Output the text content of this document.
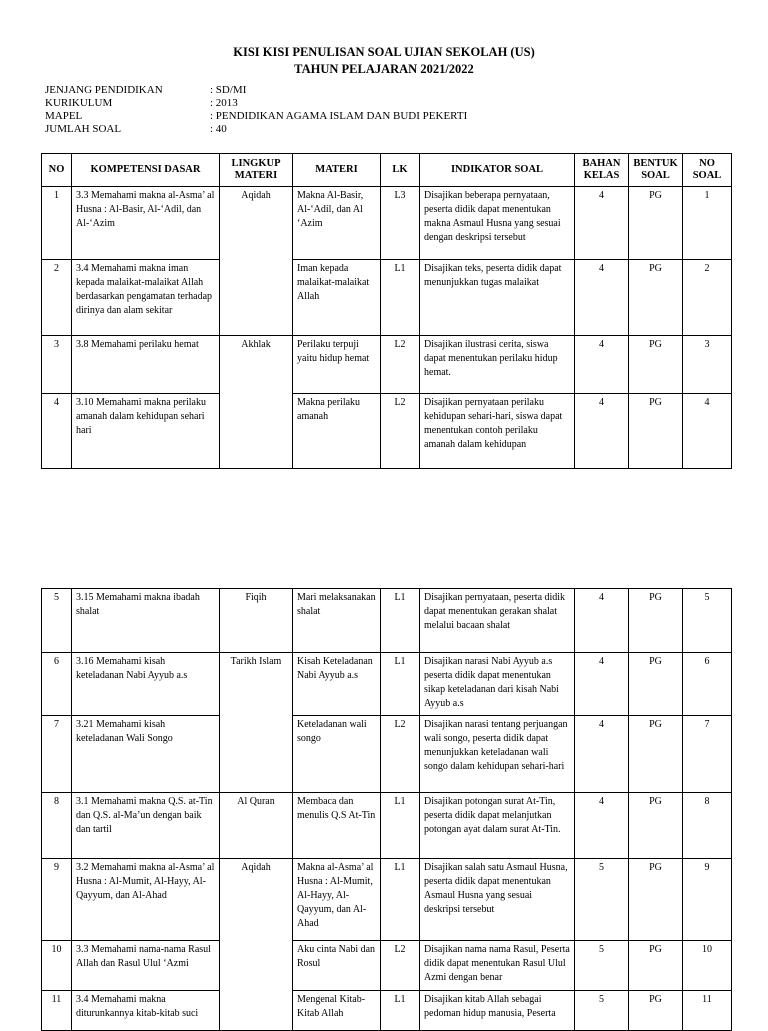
KISI KISI PENULISAN SOAL UJIAN SEKOLAH (US)
TAHUN PELAJARAN 2021/2022
JENJANG PENDIDIKAN	: SD/MI
KURIKULUM	: 2013
MAPEL	: PENDIDIKAN AGAMA ISLAM DAN BUDI PEKERTI
JUMLAH SOAL	: 40
NO	KOMPETENSI DASAR	LINGKUP MATERI	MATERI	LK	INDIKATOR SOAL	BAHAN KELAS	BENTUK SOAL	NO SOAL
1	3.3 Memahami makna al-Asma’ al Husna : Al-Basir, Al-‘Adil, dan Al-‘Azim	Aqidah	Makna Al-Basir, Al-‘Adil, dan Al ‘Azim	L3	Disajikan beberapa pernyataan, peserta didik dapat menentukan makna Asmaul Husna yang sesuai dengan deskripsi tersebut	4	PG	1
2	3.4 Memahami makna iman kepada malaikat-malaikat Allah berdasarkan pengamatan terhadap dirinya dan alam sekitar		Iman kepada malaikat-malaikat Allah	L1	Disajikan teks, peserta didik dapat menunjukkan tugas malaikat	4	PG	2
3	3.8 Memahami perilaku hemat	Akhlak	Perilaku terpuji yaitu hidup hemat	L2	Disajikan ilustrasi cerita, siswa dapat menentukan perilaku hidup hemat.	4	PG	3
4	3.10 Memahami makna perilaku amanah dalam kehidupan sehari hari		Makna perilaku amanah	L2	Disajikan pernyataan perilaku kehidupan sehari-hari, siswa dapat menentukan contoh perilaku amanah dalam kehidupan	4	PG	4
5	3.15 Memahami makna ibadah shalat	Fiqih	Mari melaksanakan shalat	L1	Disajikan pernyataan, peserta didik dapat menentukan gerakan shalat melalui bacaan shalat	4	PG	5
6	3.16 Memahami kisah keteladanan Nabi Ayyub a.s	Tarikh Islam	Kisah Keteladanan Nabi Ayyub a.s	L1	Disajikan narasi Nabi Ayyub a.s peserta didik dapat menentukan sikap keteladanan dari kisah Nabi Ayyub a.s	4	PG	6
7	3.21 Memahami kisah keteladanan Wali Songo		Keteladanan wali songo	L2	Disajikan narasi tentang perjuangan wali songo, peserta didik dapat menunjukkan keteladanan wali songo dalam kehidupan sehari-hari	4	PG	7
8	3.1 Memahami makna Q.S. at-Tin dan Q.S. al-Ma’un dengan baik dan tartil	Al Quran	Membaca dan menulis Q.S At-Tin	L1	Disajikan potongan surat At-Tin, peserta didik dapat melanjutkan potongan ayat dalam surat At-Tin.	4	PG	8
9	3.2 Memahami makna al-Asma’ al Husna : Al-Mumit, Al-Hayy, Al-Qayyum, dan Al-Ahad	Aqidah	Makna al-Asma’ al Husna : Al-Mumit, Al-Hayy, Al-Qayyum, dan Al-Ahad	L1	Disajikan salah satu Asmaul Husna, peserta didik dapat menentukan Asmaul Husna yang sesuai deskripsi tersebut	5	PG	9
10	3.3 Memahami nama-nama Rasul Allah dan Rasul Ulul ‘Azmi		Aku cinta Nabi dan Rosul	L2	Disajikan nama nama Rasul, Peserta didik dapat menentukan Rasul Ulul Azmi dengan benar	5	PG	10
11	3.4 Memahami makna diturunkannya kitab-kitab suci		Mengenal Kitab-Kitab Allah	L1	Disajikan kitab Allah sebagai pedoman hidup manusia, Peserta	5	PG	11
